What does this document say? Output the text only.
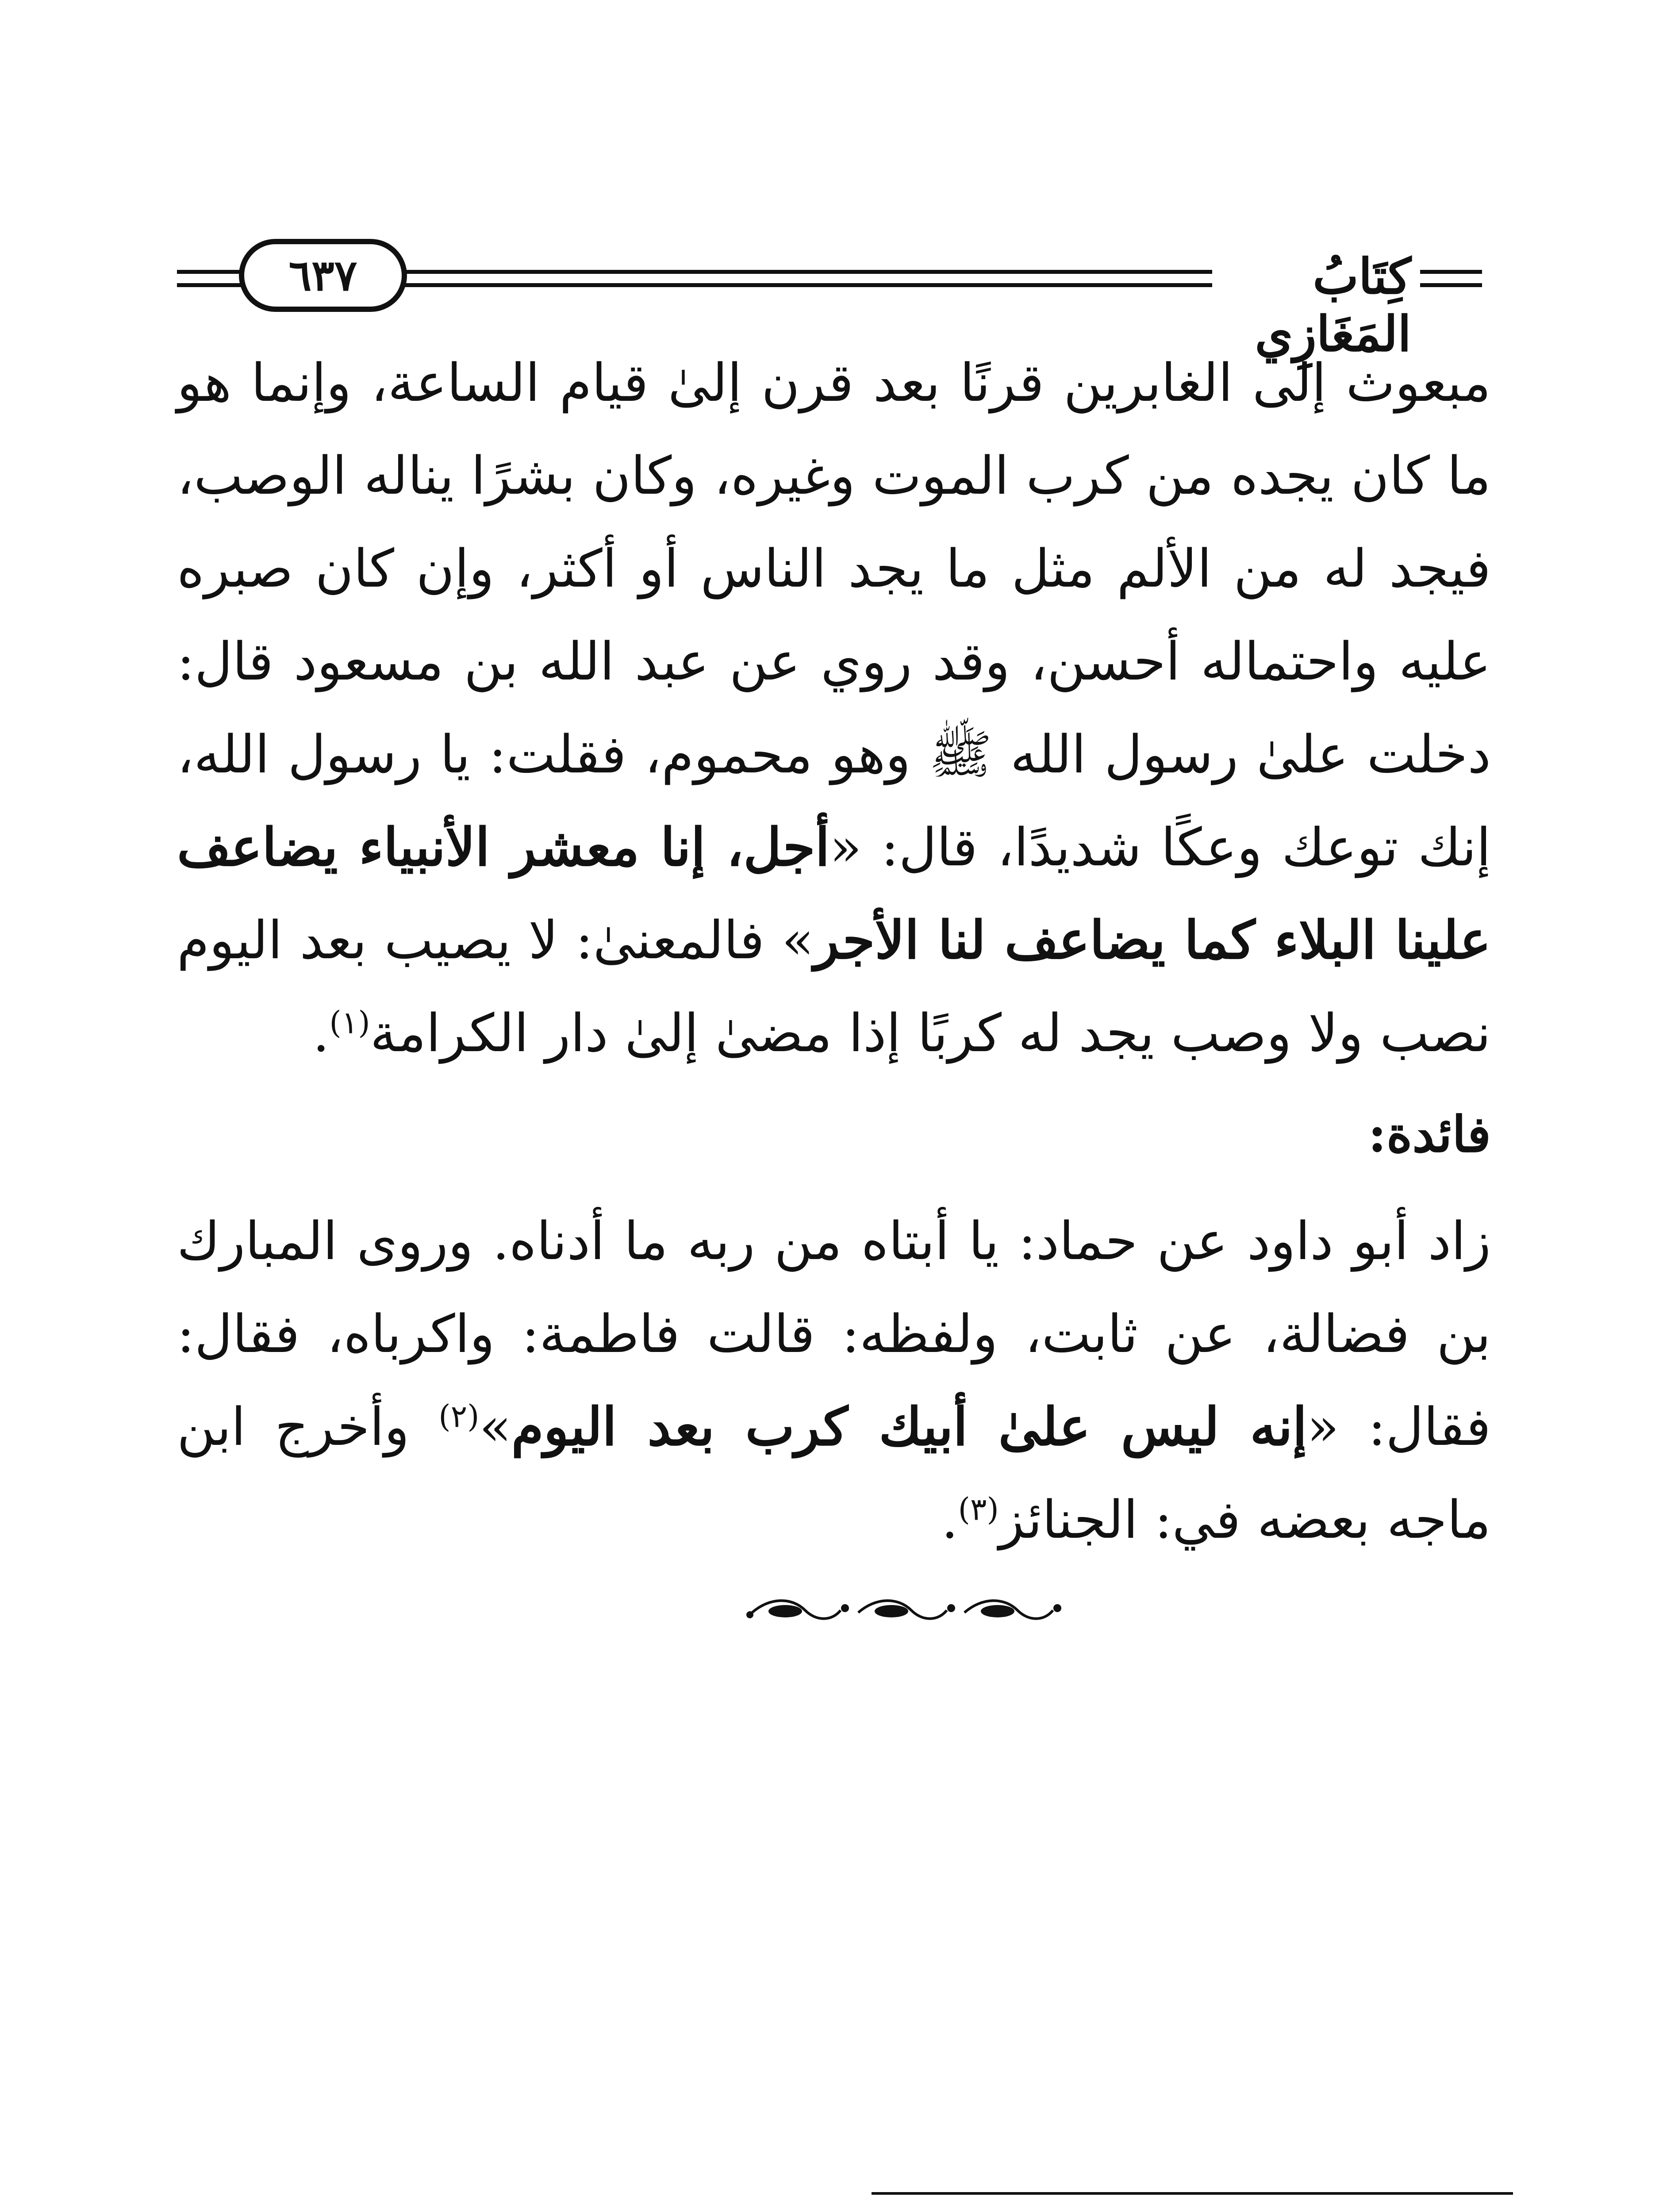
٦٣٧	كِتَابُ المَغَازِي

مبعوث إلى الغابرين قرنًا بعد قرن إلىٰ قيام الساعة، وإنما هو ما كان يجده من كرب الموت وغيره، وكان بشرًا يناله الوصب، فيجد له من الألم مثل ما يجد الناس أو أكثر، وإن كان صبره عليه واحتماله أحسن، وقد روي عن عبد الله بن مسعود قال: دخلت علىٰ رسول الله ﷺ وهو محموم، فقلت: يا رسول الله، إنك توعك وعكًا شديدًا، قال: «أجل، إنا معشر الأنبياء يضاعف علينا البلاء كما يضاعف لنا الأجر» فالمعنىٰ: لا يصيب بعد اليوم نصب ولا وصب يجد له كربًا إذا مضىٰ إلىٰ دار الكرامة$^{(١)}$.

فائدة:

زاد أبو داود عن حماد: يا أبتاه من ربه ما أدناه. وروى المبارك بن فضالة، عن ثابت، ولفظه: قالت فاطمة: واكرباه، فقال: فقال: «إنه ليس علىٰ أبيك كرب بعد اليوم»$^{(٢)}$ وأخرج ابن ماجه بعضه في: الجنائز$^{(٣)}$.
